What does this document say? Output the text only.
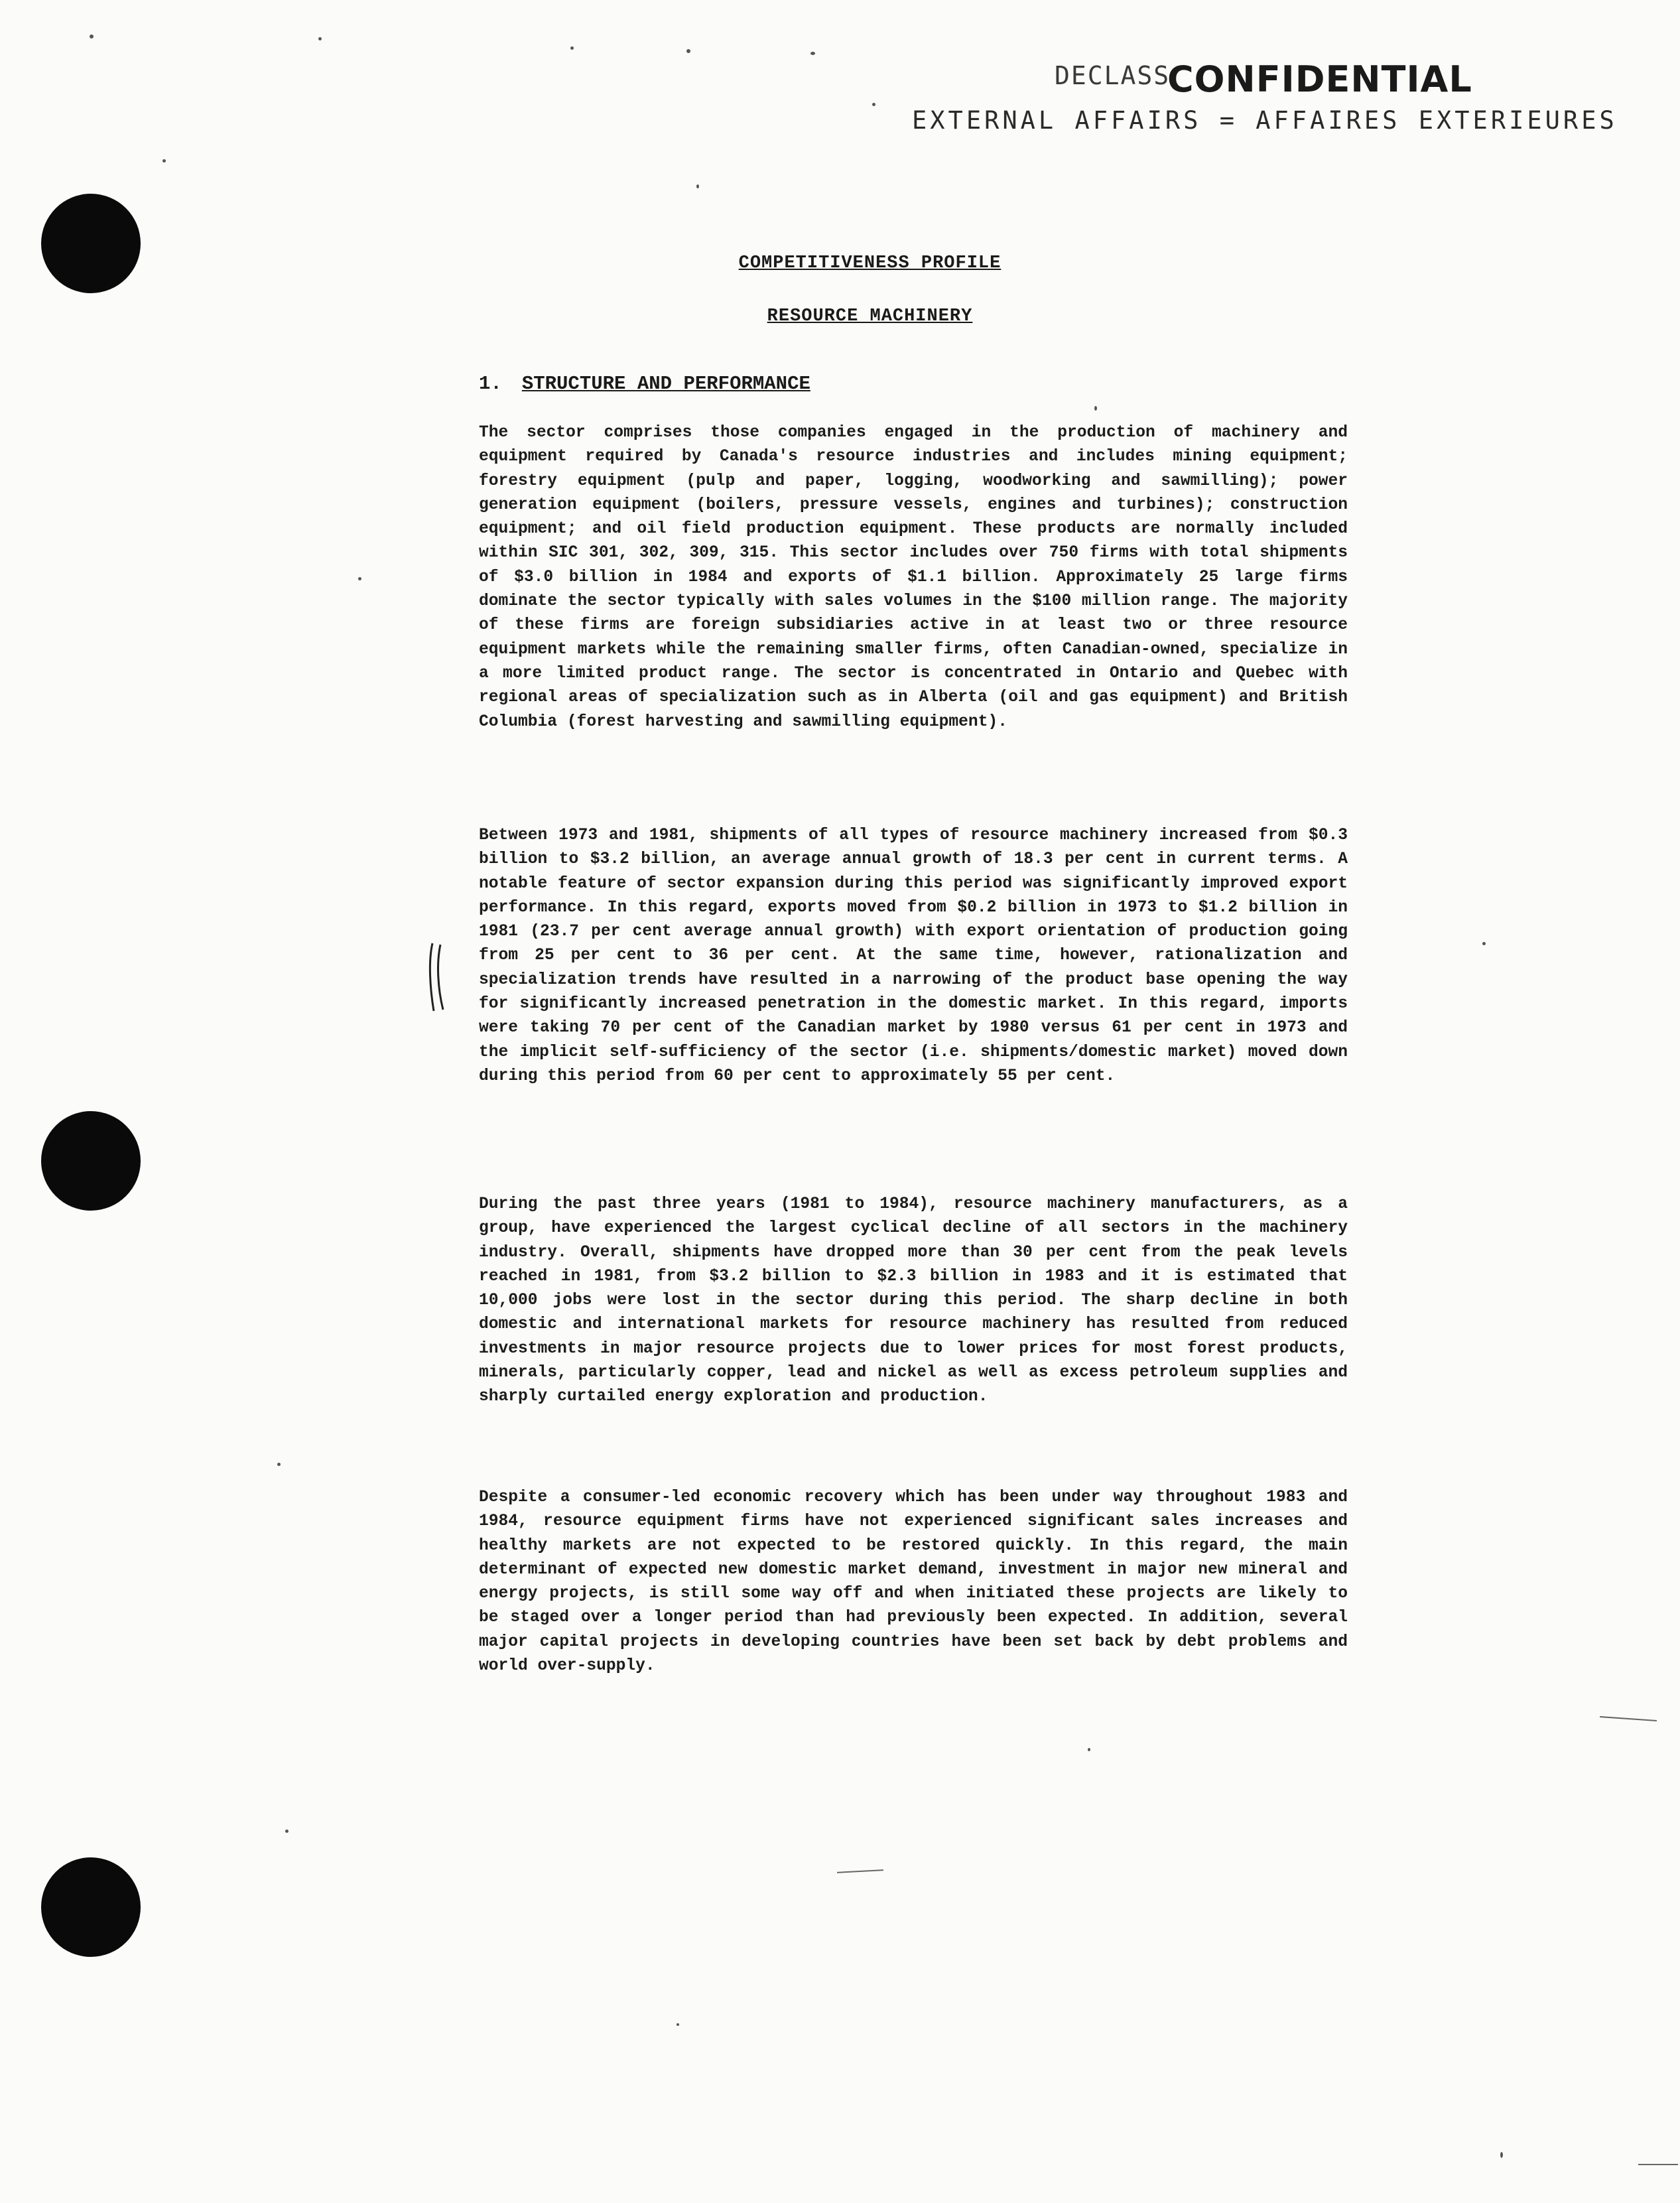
DECLASS
CONFIDENTIAL
EXTERNAL AFFAIRS = AFFAIRES EXTERIEURES
COMPETITIVENESS PROFILE
RESOURCE MACHINERY
1. STRUCTURE AND PERFORMANCE

The sector comprises those companies engaged in the production of machinery and equipment required by Canada's resource industries and includes mining equipment; forestry equipment (pulp and paper, logging, woodworking and sawmilling); power generation equipment (boilers, pressure vessels, engines and turbines); construction equipment; and oil field production equipment. These products are normally included within SIC 301, 302, 309, 315. This sector includes over 750 firms with total shipments of $3.0 billion in 1984 and exports of $1.1 billion. Approximately 25 large firms dominate the sector typically with sales volumes in the $100 million range. The majority of these firms are foreign subsidiaries active in at least two or three resource equipment markets while the remaining smaller firms, often Canadian-owned, specialize in a more limited product range. The sector is concentrated in Ontario and Quebec with regional areas of specialization such as in Alberta (oil and gas equipment) and British Columbia (forest harvesting and sawmilling equipment).

Between 1973 and 1981, shipments of all types of resource machinery increased from $0.3 billion to $3.2 billion, an average annual growth of 18.3 per cent in current terms. A notable feature of sector expansion during this period was significantly improved export performance. In this regard, exports moved from $0.2 billion in 1973 to $1.2 billion in 1981 (23.7 per cent average annual growth) with export orientation of production going from 25 per cent to 36 per cent. At the same time, however, rationalization and specialization trends have resulted in a narrowing of the product base opening the way for significantly increased penetration in the domestic market. In this regard, imports were taking 70 per cent of the Canadian market by 1980 versus 61 per cent in 1973 and the implicit self-sufficiency of the sector (i.e. shipments/domestic market) moved down during this period from 60 per cent to approximately 55 per cent.

During the past three years (1981 to 1984), resource machinery manufacturers, as a group, have experienced the largest cyclical decline of all sectors in the machinery industry. Overall, shipments have dropped more than 30 per cent from the peak levels reached in 1981, from $3.2 billion to $2.3 billion in 1983 and it is estimated that 10,000 jobs were lost in the sector during this period. The sharp decline in both domestic and international markets for resource machinery has resulted from reduced investments in major resource projects due to lower prices for most forest products, minerals, particularly copper, lead and nickel as well as excess petroleum supplies and sharply curtailed energy exploration and production.

Despite a consumer-led economic recovery which has been under way throughout 1983 and 1984, resource equipment firms have not experienced significant sales increases and healthy markets are not expected to be restored quickly. In this regard, the main determinant of expected new domestic market demand, investment in major new mineral and energy projects, is still some way off and when initiated these projects are likely to be staged over a longer period than had previously been expected. In addition, several major capital projects in developing countries have been set back by debt problems and world over-supply.
